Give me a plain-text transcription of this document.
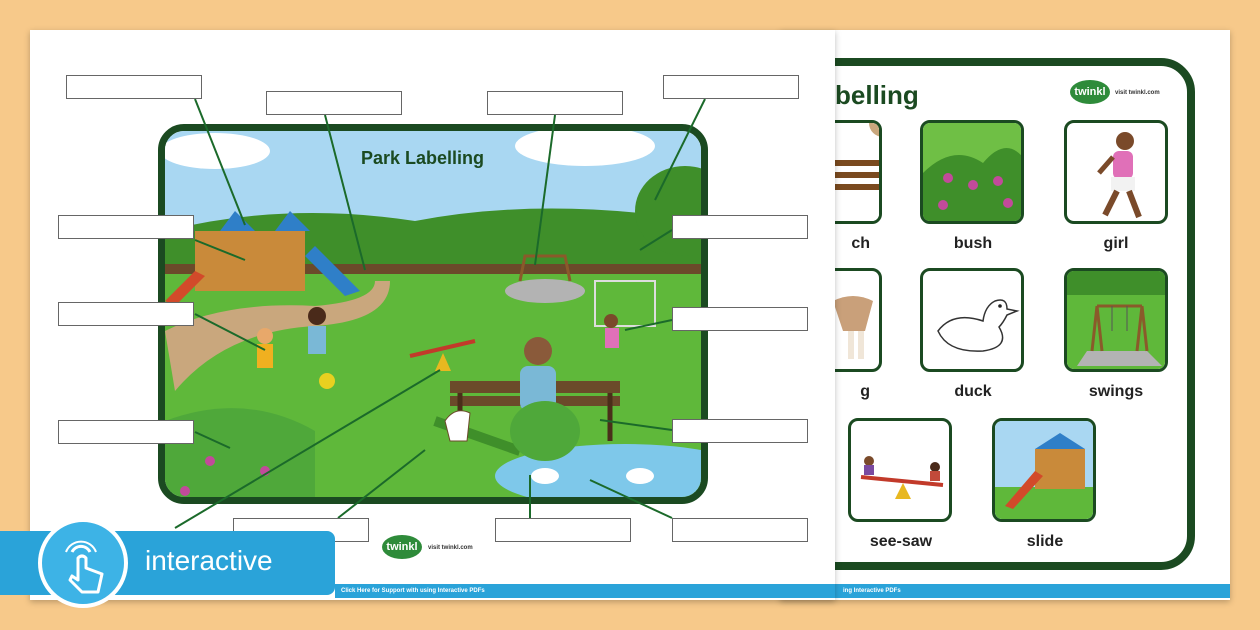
belling	twinkl	visit twinkl.com
ch	bush	girl
g	duck	swings
see-saw	slide
ing Interactive PDFs
Park Labelling
twinkl	visit twinkl.com
Click Here for Support with using Interactive PDFs
interactive
